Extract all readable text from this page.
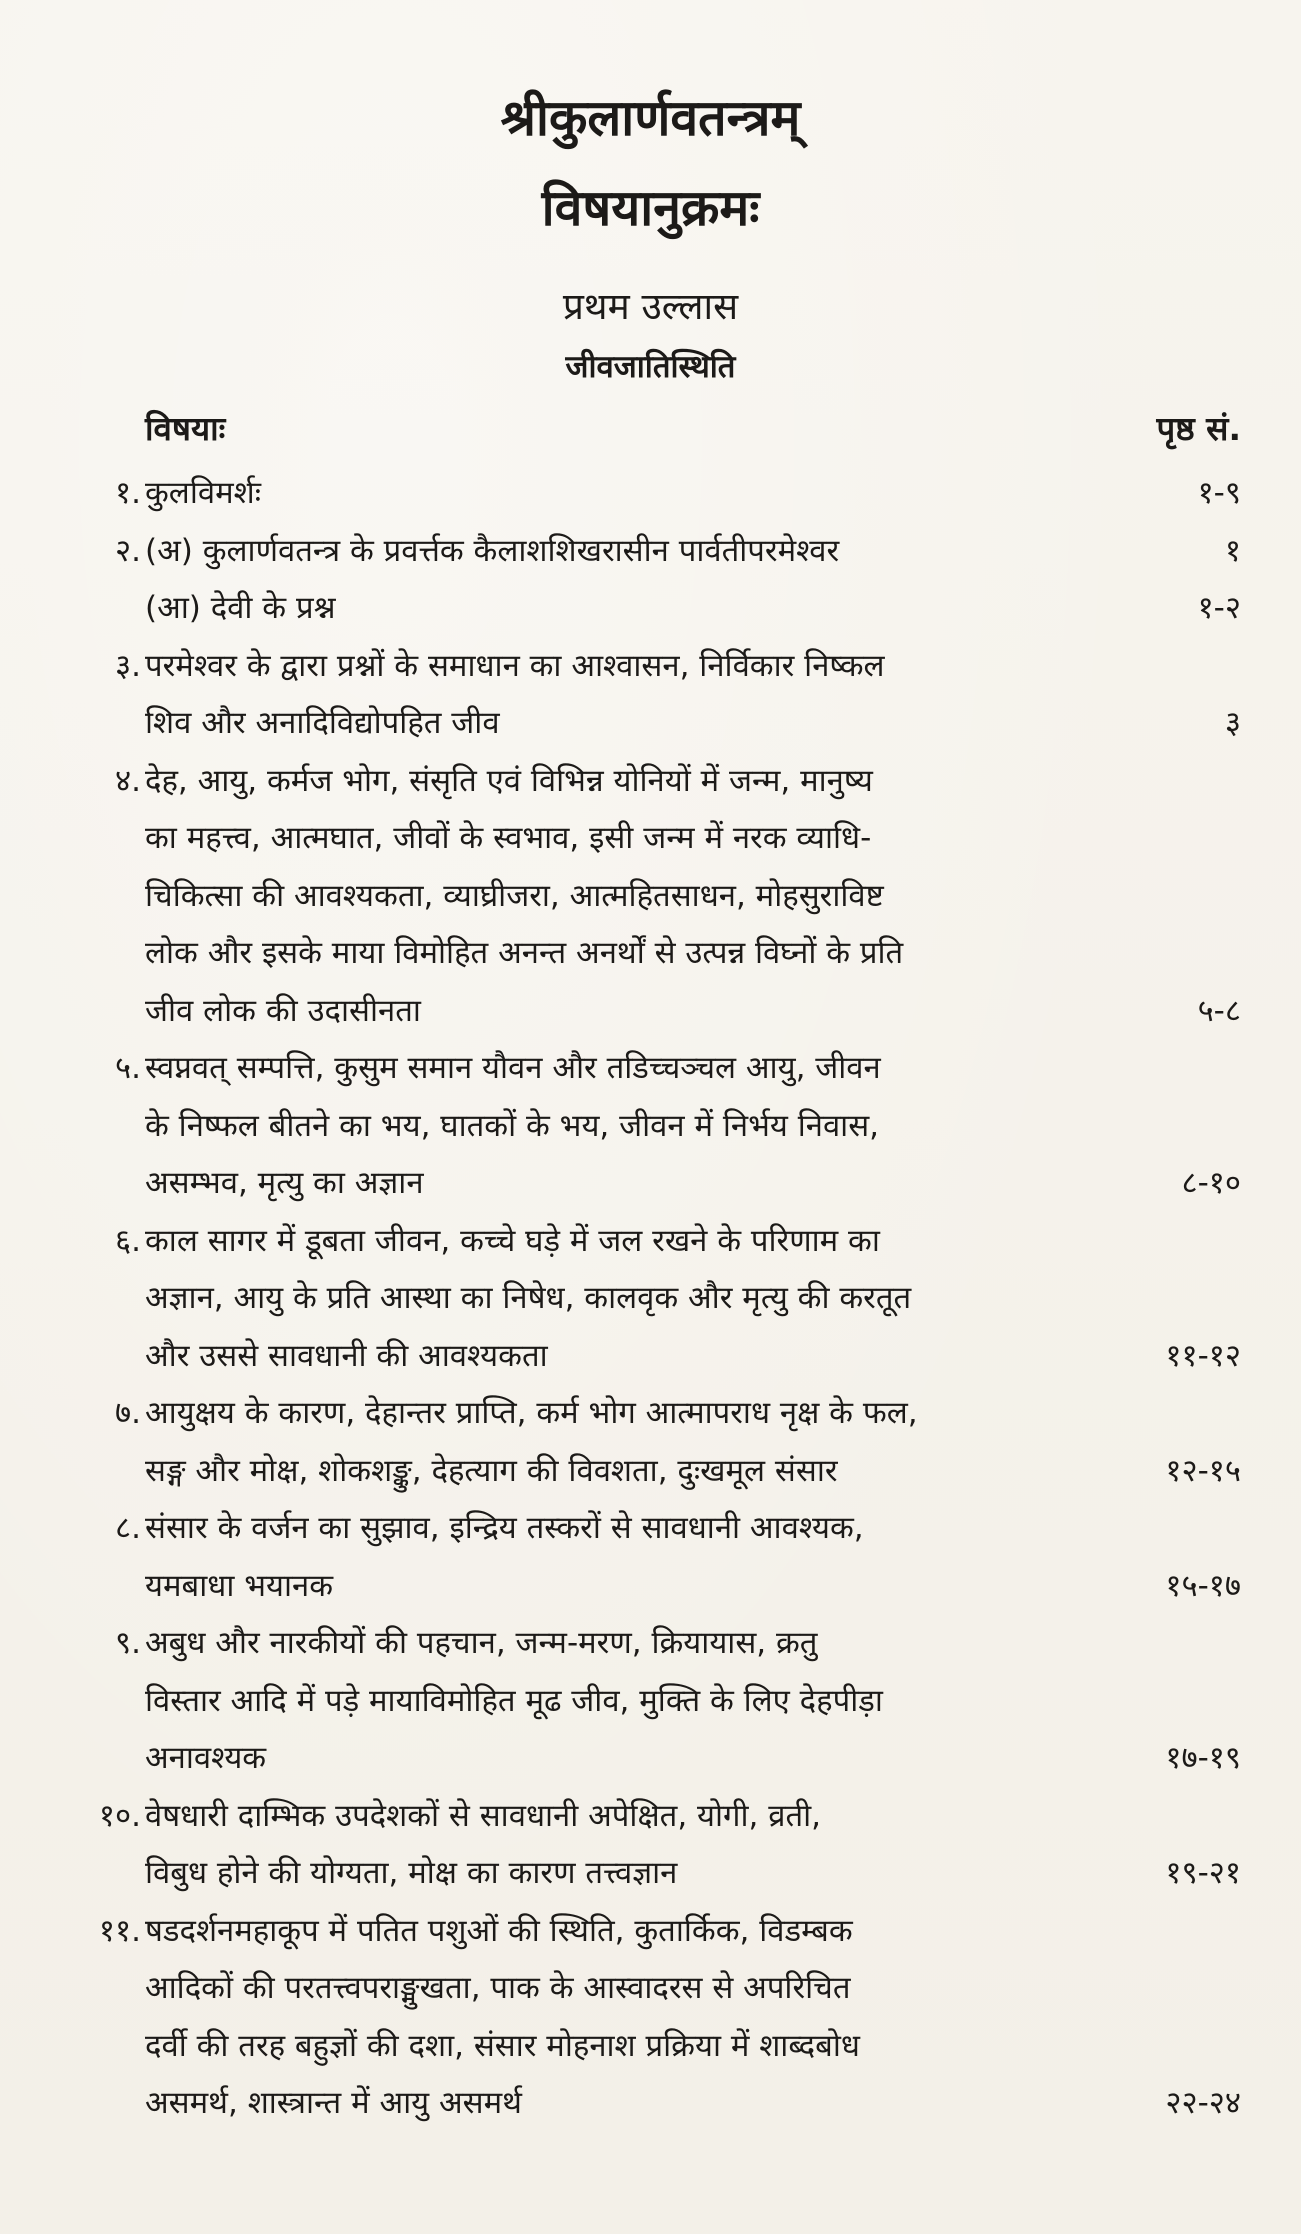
श्रीकुलार्णवतन्त्रम्
विषयानुक्रमः
प्रथम उल्लास
जीवजातिस्थिति
विषयाः	पृष्ठ सं.
१. कुलविमर्शः	१-९
२. (अ) कुलार्णवतन्त्र के प्रवर्त्तक कैलाशशिखरासीन पार्वतीपरमेश्वर	१
(आ) देवी के प्रश्न	१-२
३. परमेश्वर के द्वारा प्रश्नों के समाधान का आश्वासन, निर्विकार निष्कल
शिव और अनादिविद्योपहित जीव	३
४. देह, आयु, कर्मज भोग, संसृति एवं विभिन्न योनियों में जन्म, मानुष्य
का महत्त्व, आत्मघात, जीवों के स्वभाव, इसी जन्म में नरक व्याधि-
चिकित्सा की आवश्यकता, व्याघ्रीजरा, आत्महितसाधन, मोहसुराविष्ट
लोक और इसके माया विमोहित अनन्त अनर्थों से उत्पन्न विघ्नों के प्रति
जीव लोक की उदासीनता	५-८
५. स्वप्नवत् सम्पत्ति, कुसुम समान यौवन और तडिच्चञ्चल आयु, जीवन
के निष्फल बीतने का भय, घातकों के भय, जीवन में निर्भय निवास,
असम्भव, मृत्यु का अज्ञान	८-१०
६. काल सागर में डूबता जीवन, कच्चे घड़े में जल रखने के परिणाम का
अज्ञान, आयु के प्रति आस्था का निषेध, कालवृक और मृत्यु की करतूत
और उससे सावधानी की आवश्यकता	११-१२
७. आयुक्षय के कारण, देहान्तर प्राप्ति, कर्म भोग आत्मापराध नृक्ष के फल,
सङ्ग और मोक्ष, शोकशङ्कु, देहत्याग की विवशता, दुःखमूल संसार	१२-१५
८. संसार के वर्जन का सुझाव, इन्द्रिय तस्करों से सावधानी आवश्यक,
यमबाधा भयानक	१५-१७
९. अबुध और नारकीयों की पहचान, जन्म-मरण, क्रियायास, क्रतु
विस्तार आदि में पड़े मायाविमोहित मूढ जीव, मुक्ति के लिए देहपीड़ा
अनावश्यक	१७-१९
१०. वेषधारी दाम्भिक उपदेशकों से सावधानी अपेक्षित, योगी, व्रती,
विबुध होने की योग्यता, मोक्ष का कारण तत्त्वज्ञान	१९-२१
११. षडदर्शनमहाकूप में पतित पशुओं की स्थिति, कुतार्किक, विडम्बक
आदिकों की परतत्त्वपराङ्मुखता, पाक के आस्वादरस से अपरिचित
दर्वी की तरह बहुज्ञों की दशा, संसार मोहनाश प्रक्रिया में शाब्दबोध
असमर्थ, शास्त्रान्त में आयु असमर्थ	२२-२४
